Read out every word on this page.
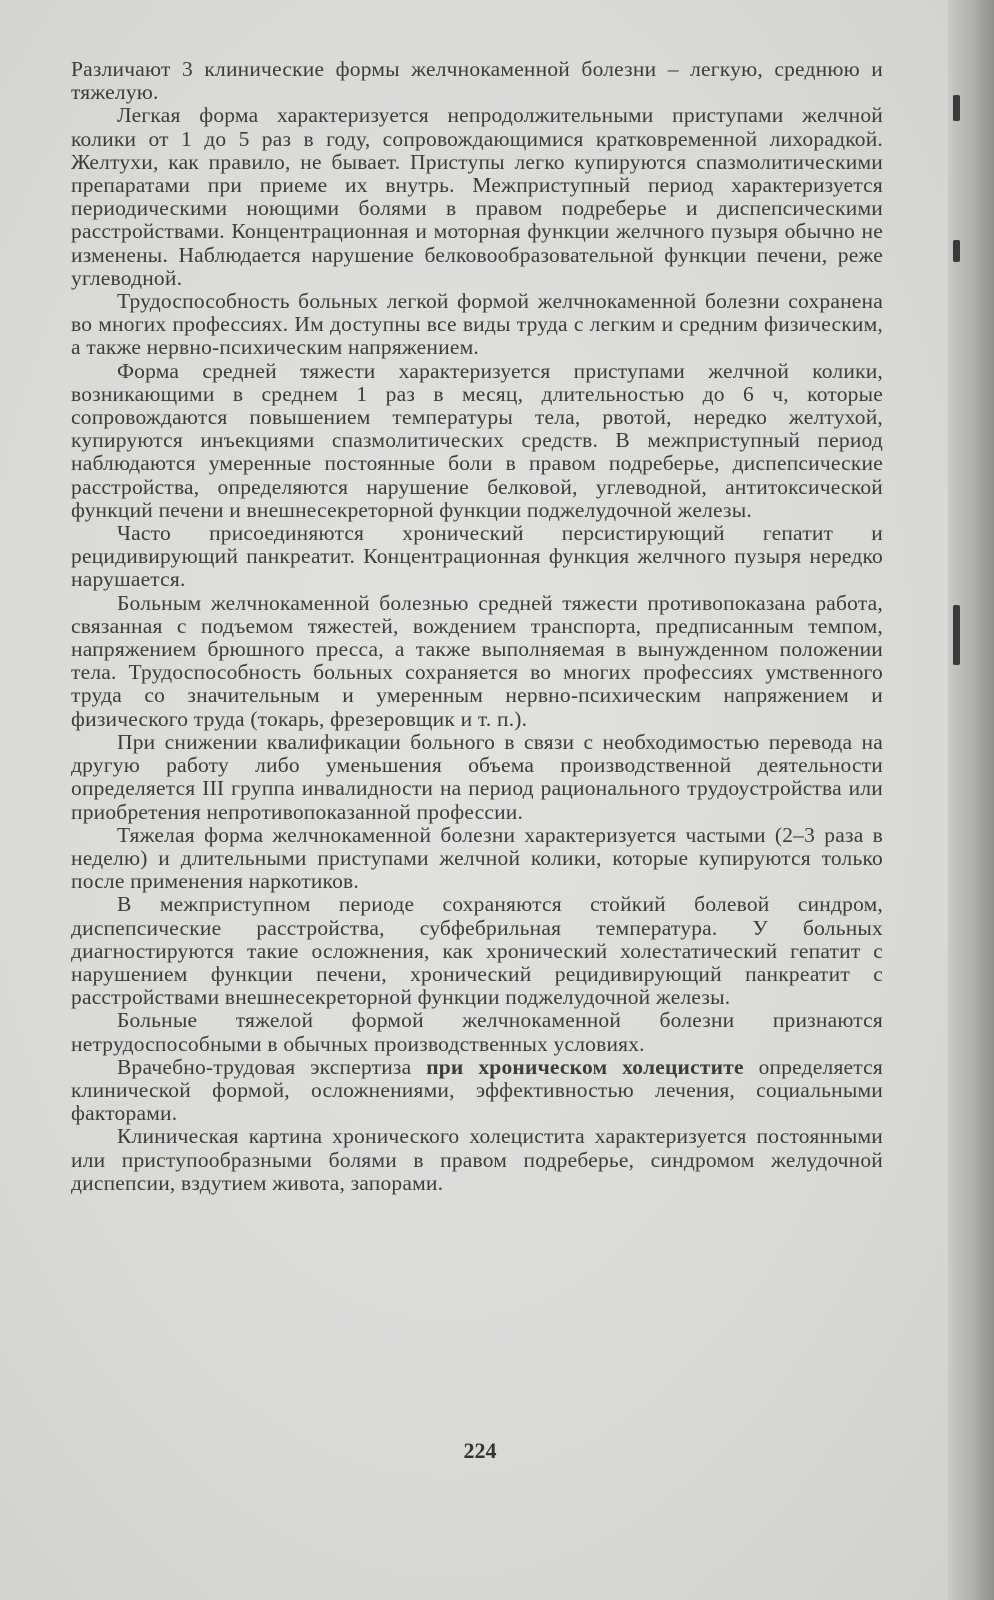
Различают 3 клинические формы желчнокаменной болезни – легкую, среднюю и тяжелую.

Легкая форма характеризуется непродолжительными приступами желчной колики от 1 до 5 раз в году, сопровождающимися кратковременной лихорадкой. Желтухи, как правило, не бывает. Приступы легко купируются спазмолитическими препаратами при приеме их внутрь. Межприступный период характеризуется периодическими ноющими болями в правом подреберье и диспепсическими расстройствами. Концентрационная и моторная функции желчного пузыря обычно не изменены. Наблюдается нарушение белковообразовательной функции печени, реже углеводной.

Трудоспособность больных легкой формой желчнокаменной болезни сохранена во многих профессиях. Им доступны все виды труда с легким и средним физическим, а также нервно-психическим напряжением.

Форма средней тяжести характеризуется приступами желчной колики, возникающими в среднем 1 раз в месяц, длительностью до 6 ч, которые сопровождаются повышением температуры тела, рвотой, нередко желтухой, купируются инъекциями спазмолитических средств. В межприступный период наблюдаются умеренные постоянные боли в правом подреберье, диспепсические расстройства, определяются нарушение белковой, углеводной, антитоксической функций печени и внешнесекреторной функции поджелудочной железы.

Часто присоединяются хронический персистирующий гепатит и рецидивирующий панкреатит. Концентрационная функция желчного пузыря нередко нарушается.

Больным желчнокаменной болезнью средней тяжести противопоказана работа, связанная с подъемом тяжестей, вождением транспорта, предписанным темпом, напряжением брюшного пресса, а также выполняемая в вынужденном положении тела. Трудоспособность больных сохраняется во многих профессиях умственного труда со значительным и умеренным нервно-психическим напряжением и физического труда (токарь, фрезеровщик и т. п.).

При снижении квалификации больного в связи с необходимостью перевода на другую работу либо уменьшения объема производственной деятельности определяется III группа инвалидности на период рационального трудоустройства или приобретения непротивопоказанной профессии.

Тяжелая форма желчнокаменной болезни характеризуется частыми (2–3 раза в неделю) и длительными приступами желчной колики, которые купируются только после применения наркотиков.

В межприступном периоде сохраняются стойкий болевой синдром, диспепсические расстройства, субфебрильная температура. У больных диагностируются такие осложнения, как хронический холестатический гепатит с нарушением функции печени, хронический рецидивирующий панкреатит с расстройствами внешнесекреторной функции поджелудочной железы.

Больные тяжелой формой желчнокаменной болезни признаются нетрудоспособными в обычных производственных условиях.

Врачебно-трудовая экспертиза при хроническом холецистите определяется клинической формой, осложнениями, эффективностью лечения, социальными факторами.

Клиническая картина хронического холецистита характеризуется постоянными или приступообразными болями в правом подреберье, синдромом желудочной диспепсии, вздутием живота, запорами.

224
